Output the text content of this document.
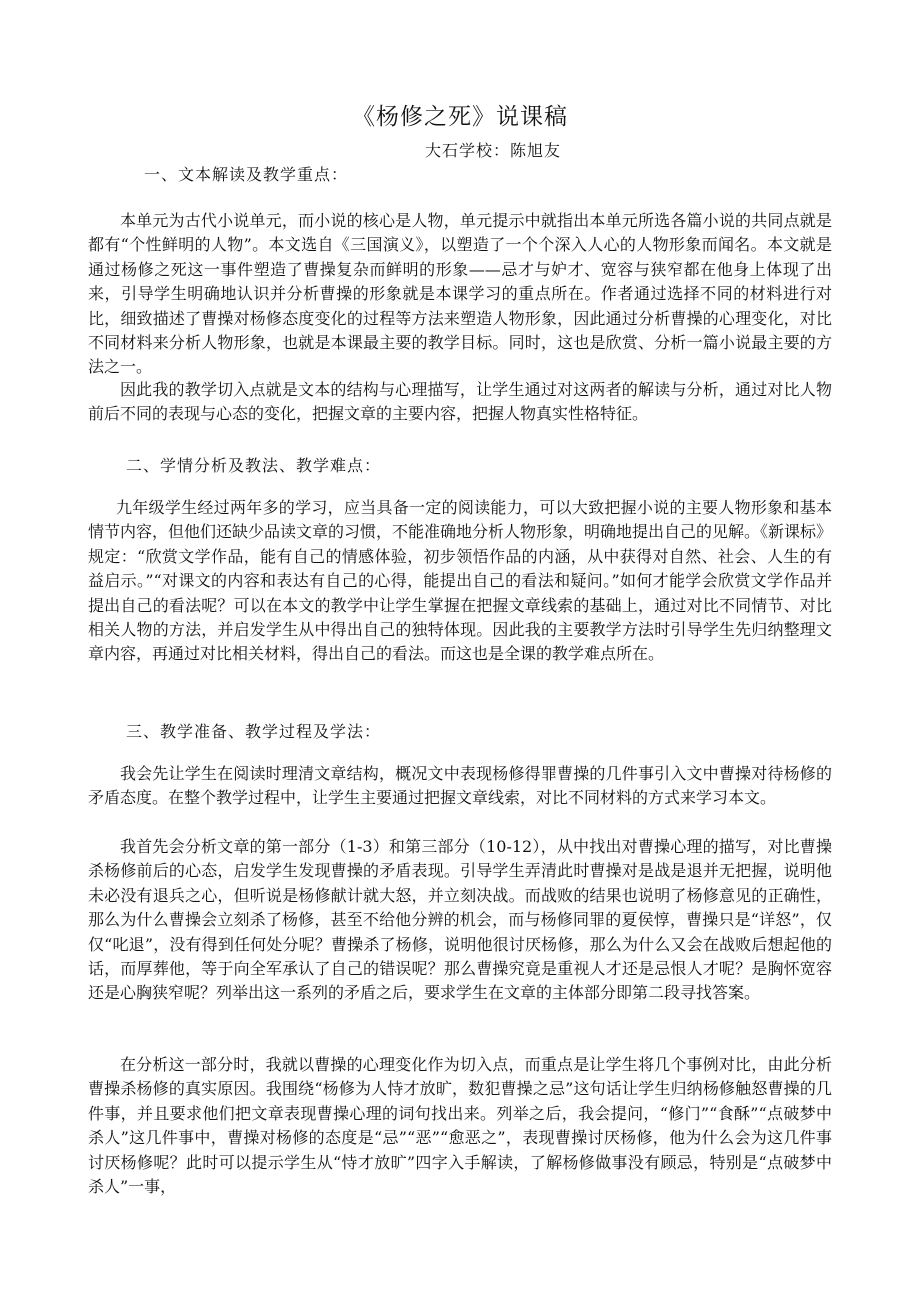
《杨修之死》说课稿
大石学校：陈旭友
一、文本解读及教学重点：

本单元为古代小说单元，而小说的核心是人物，单元提示中就指出本单元所选各篇小说的共同点就是都有“个性鲜明的人物”。本文选自《三国演义》，以塑造了一个个深入人心的人物形象而闻名。本文就是通过杨修之死这一事件塑造了曹操复杂而鲜明的形象——忌才与妒才、宽容与狭窄都在他身上体现了出来，引导学生明确地认识并分析曹操的形象就是本课学习的重点所在。作者通过选择不同的材料进行对比，细致描述了曹操对杨修态度变化的过程等方法来塑造人物形象，因此通过分析曹操的心理变化，对比不同材料来分析人物形象，也就是本课最主要的教学目标。同时，这也是欣赏、分析一篇小说最主要的方法之一。

因此我的教学切入点就是文本的结构与心理描写，让学生通过对这两者的解读与分析，通过对比人物前后不同的表现与心态的变化，把握文章的主要内容，把握人物真实性格特征。

二、学情分析及教法、教学难点：

九年级学生经过两年多的学习，应当具备一定的阅读能力，可以大致把握小说的主要人物形象和基本情节内容，但他们还缺少品读文章的习惯，不能准确地分析人物形象，明确地提出自己的见解。《新课标》规定：“欣赏文学作品，能有自己的情感体验，初步领悟作品的内涵，从中获得对自然、社会、人生的有益启示。”“对课文的内容和表达有自己的心得，能提出自己的看法和疑问。”如何才能学会欣赏文学作品并提出自己的看法呢？可以在本文的教学中让学生掌握在把握文章线索的基础上，通过对比不同情节、对比相关人物的方法，并启发学生从中得出自己的独特体现。因此我的主要教学方法时引导学生先归纳整理文章内容，再通过对比相关材料，得出自己的看法。而这也是全课的教学难点所在。

三、教学准备、教学过程及学法：

我会先让学生在阅读时理清文章结构，概况文中表现杨修得罪曹操的几件事引入文中曹操对待杨修的矛盾态度。在整个教学过程中，让学生主要通过把握文章线索，对比不同材料的方式来学习本文。

我首先会分析文章的第一部分（1-3）和第三部分（10-12），从中找出对曹操心理的描写，对比曹操杀杨修前后的心态，启发学生发现曹操的矛盾表现。引导学生弄清此时曹操对是战是退并无把握，说明他未必没有退兵之心，但听说是杨修献计就大怒，并立刻决战。而战败的结果也说明了杨修意见的正确性，那么为什么曹操会立刻杀了杨修，甚至不给他分辨的机会，而与杨修同罪的夏侯惇，曹操只是“详怒”，仅仅“叱退”，没有得到任何处分呢？曹操杀了杨修，说明他很讨厌杨修，那么为什么又会在战败后想起他的话，而厚葬他，等于向全军承认了自己的错误呢？那么曹操究竟是重视人才还是忌恨人才呢？是胸怀宽容还是心胸狭窄呢？列举出这一系列的矛盾之后，要求学生在文章的主体部分即第二段寻找答案。

在分析这一部分时，我就以曹操的心理变化作为切入点，而重点是让学生将几个事例对比，由此分析曹操杀杨修的真实原因。我围绕“杨修为人恃才放旷，数犯曹操之忌”这句话让学生归纳杨修触怒曹操的几件事，并且要求他们把文章表现曹操心理的词句找出来。列举之后，我会提问，“修门”“食酥”“点破梦中杀人”这几件事中，曹操对杨修的态度是“忌”“恶”“愈恶之”，表现曹操讨厌杨修，他为什么会为这几件事讨厌杨修呢？此时可以提示学生从“恃才放旷”四字入手解读，了解杨修做事没有顾忌，特别是“点破梦中杀人”一事，
